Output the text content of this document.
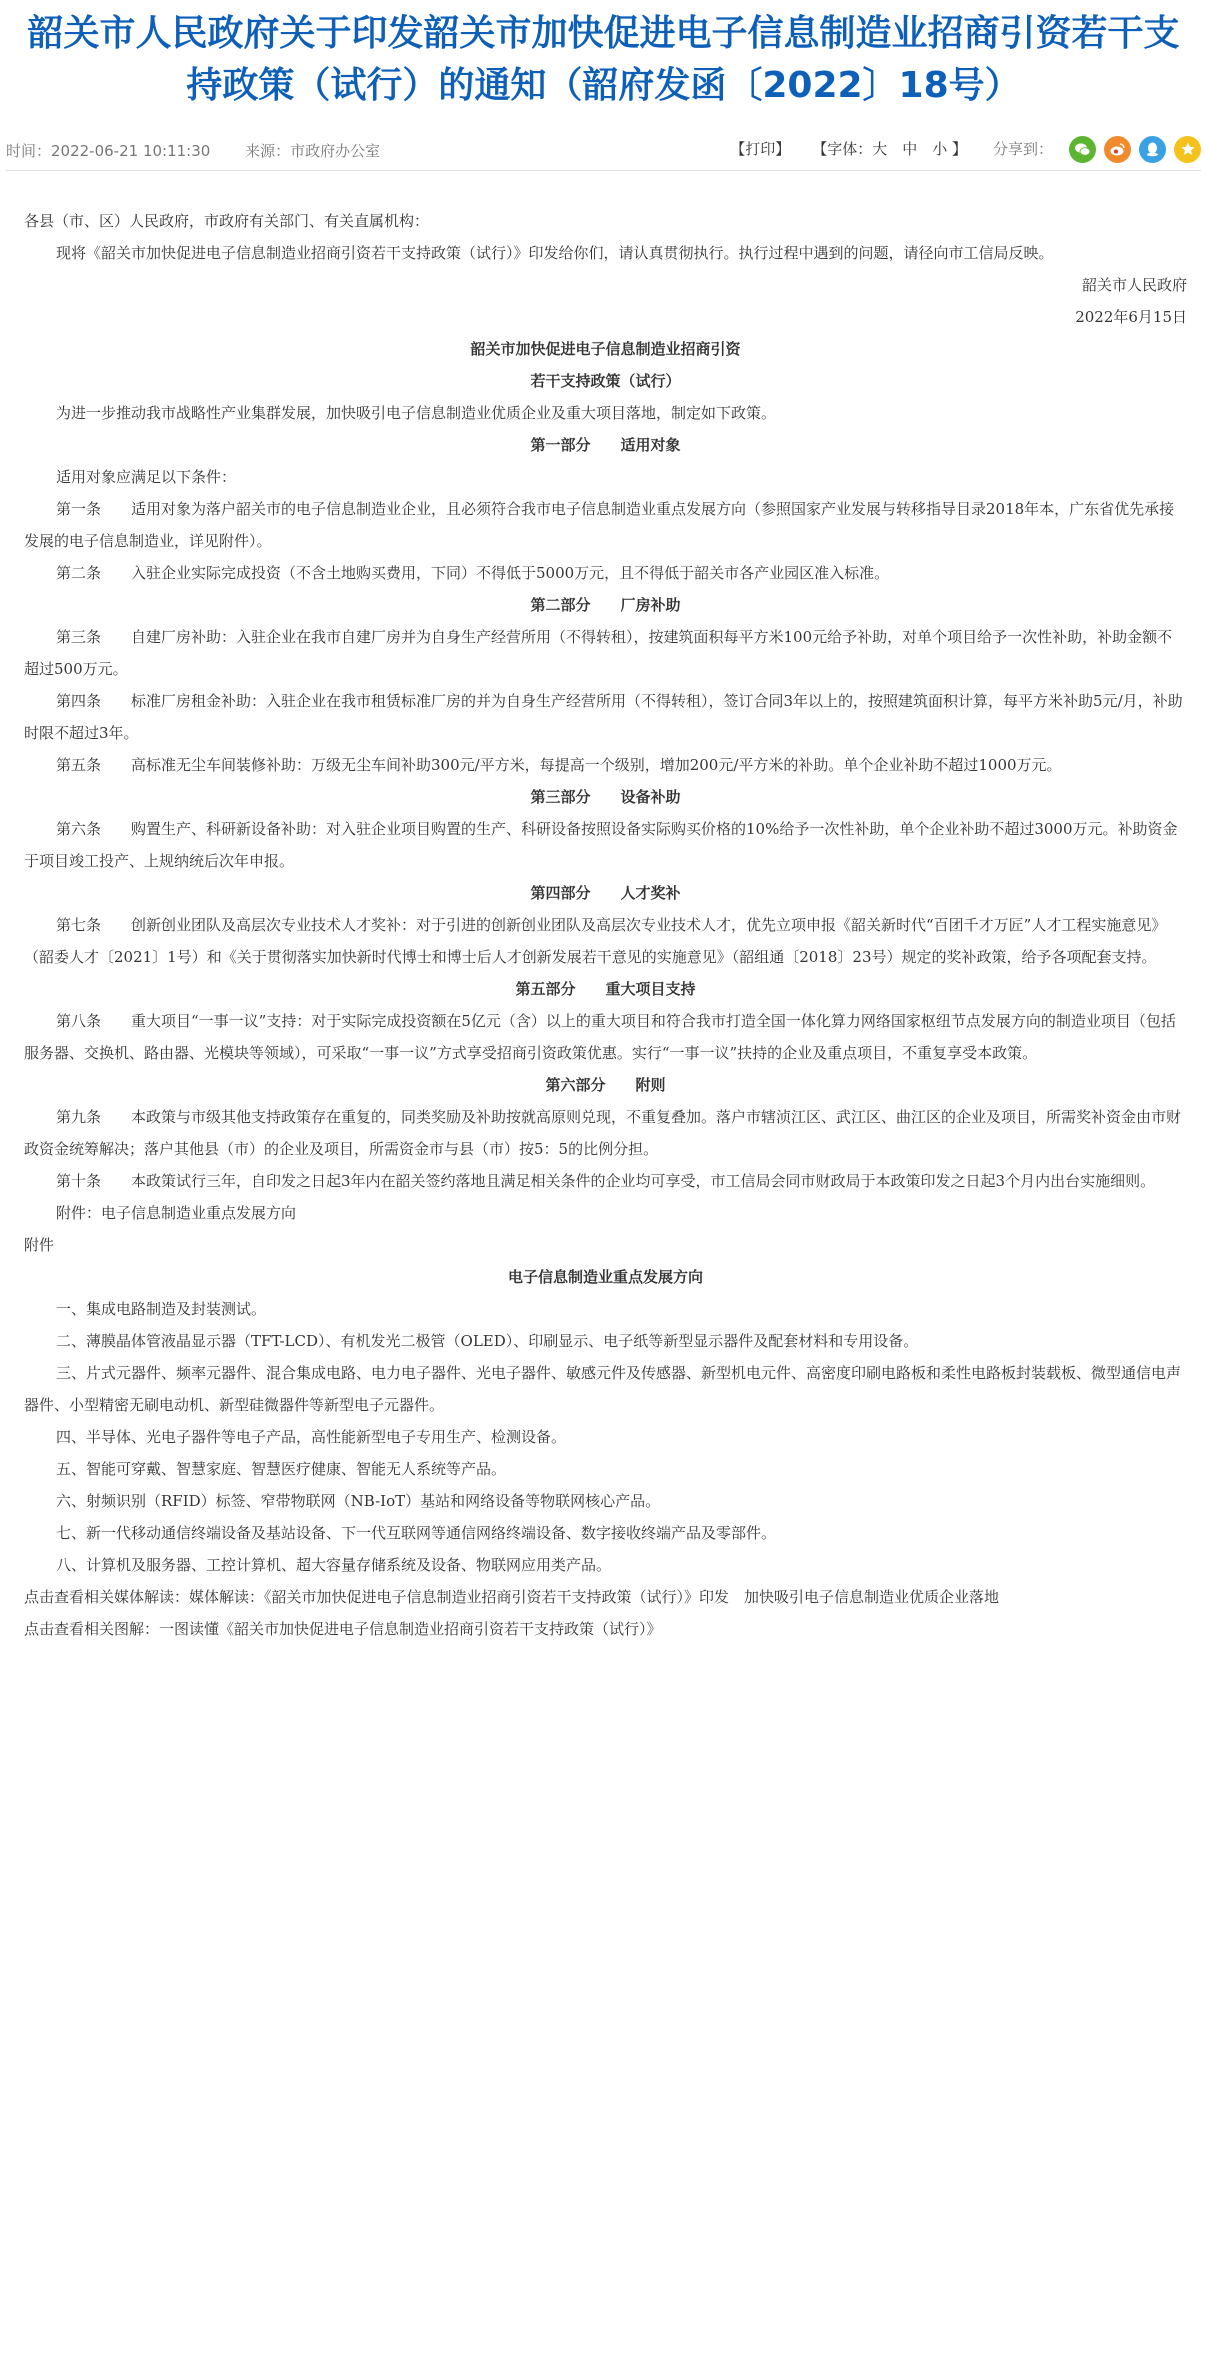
韶关市人民政府关于印发韶关市加快促进电子信息制造业招商引资若干支持政策（试行）的通知（韶府发函〔2022〕18号）
时间：2022-06-21 10:11:30 来源：市政府办公室	【打印】 【字体：大　中　小 】 分享到：

各县（市、区）人民政府，市政府有关部门、有关直属机构：

现将《韶关市加快促进电子信息制造业招商引资若干支持政策（试行）》印发给你们，请认真贯彻执行。执行过程中遇到的问题，请径向市工信局反映。

韶关市人民政府

2022年6月15日

韶关市加快促进电子信息制造业招商引资

若干支持政策（试行）

为进一步推动我市战略性产业集群发展，加快吸引电子信息制造业优质企业及重大项目落地，制定如下政策。

第一部分　　适用对象

适用对象应满足以下条件：

第一条　　适用对象为落户韶关市的电子信息制造业企业，且必须符合我市电子信息制造业重点发展方向（参照国家产业发展与转移指导目录2018年本，广东省优先承接发展的电子信息制造业，详见附件）。

第二条　　入驻企业实际完成投资（不含土地购买费用，下同）不得低于5000万元，且不得低于韶关市各产业园区准入标准。

第二部分　　厂房补助

第三条　　自建厂房补助：入驻企业在我市自建厂房并为自身生产经营所用（不得转租），按建筑面积每平方米100元给予补助，对单个项目给予一次性补助，补助金额不超过500万元。

第四条　　标准厂房租金补助：入驻企业在我市租赁标准厂房的并为自身生产经营所用（不得转租），签订合同3年以上的，按照建筑面积计算，每平方米补助5元/月，补助时限不超过3年。

第五条　　高标准无尘车间装修补助：万级无尘车间补助300元/平方米，每提高一个级别，增加200元/平方米的补助。单个企业补助不超过1000万元。

第三部分　　设备补助

第六条　　购置生产、科研新设备补助：对入驻企业项目购置的生产、科研设备按照设备实际购买价格的10%给予一次性补助，单个企业补助不超过3000万元。补助资金于项目竣工投产、上规纳统后次年申报。

第四部分　　人才奖补

第七条　　创新创业团队及高层次专业技术人才奖补：对于引进的创新创业团队及高层次专业技术人才，优先立项申报《韶关新时代“百团千才万匠”人才工程实施意见》（韶委人才〔2021〕1号）和《关于贯彻落实加快新时代博士和博士后人才创新发展若干意见的实施意见》（韶组通〔2018〕23号）规定的奖补政策，给予各项配套支持。

第五部分　　重大项目支持

第八条　　重大项目“一事一议”支持：对于实际完成投资额在5亿元（含）以上的重大项目和符合我市打造全国一体化算力网络国家枢纽节点发展方向的制造业项目（包括服务器、交换机、路由器、光模块等领域），可采取“一事一议”方式享受招商引资政策优惠。实行“一事一议”扶持的企业及重点项目，不重复享受本政策。

第六部分　　附则

第九条　　本政策与市级其他支持政策存在重复的，同类奖励及补助按就高原则兑现，不重复叠加。落户市辖浈江区、武江区、曲江区的企业及项目，所需奖补资金由市财政资金统筹解决；落户其他县（市）的企业及项目，所需资金市与县（市）按5：5的比例分担。

第十条　　本政策试行三年，自印发之日起3年内在韶关签约落地且满足相关条件的企业均可享受，市工信局会同市财政局于本政策印发之日起3个月内出台实施细则。

附件：电子信息制造业重点发展方向

附件

电子信息制造业重点发展方向

一、集成电路制造及封装测试。

二、薄膜晶体管液晶显示器（TFT-LCD）、有机发光二极管（OLED）、印刷显示、电子纸等新型显示器件及配套材料和专用设备。

三、片式元器件、频率元器件、混合集成电路、电力电子器件、光电子器件、敏感元件及传感器、新型机电元件、高密度印刷电路板和柔性电路板封装载板、微型通信电声器件、小型精密无刷电动机、新型硅微器件等新型电子元器件。

四、半导体、光电子器件等电子产品，高性能新型电子专用生产、检测设备。

五、智能可穿戴、智慧家庭、智慧医疗健康、智能无人系统等产品。

六、射频识别（RFID）标签、窄带物联网（NB-IoT）基站和网络设备等物联网核心产品。

七、新一代移动通信终端设备及基站设备、下一代互联网等通信网络终端设备、数字接收终端产品及零部件。

八、计算机及服务器、工控计算机、超大容量存储系统及设备、物联网应用类产品。

点击查看相关媒体解读：媒体解读：《韶关市加快促进电子信息制造业招商引资若干支持政策（试行）》印发　加快吸引电子信息制造业优质企业落地

点击查看相关图解：一图读懂《韶关市加快促进电子信息制造业招商引资若干支持政策（试行）》
